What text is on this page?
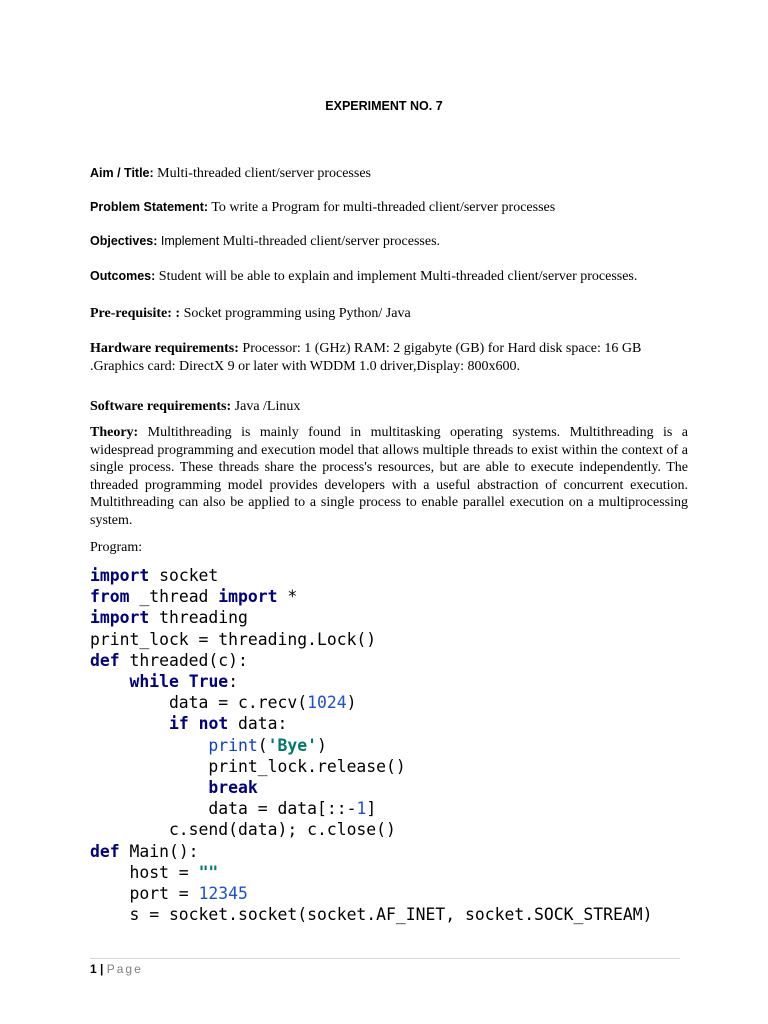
EXPERIMENT NO. 7
Aim / Title: Multi-threaded client/server processes
Problem Statement: To write a Program for multi-threaded client/server processes
Objectives: Implement Multi-threaded client/server processes.
Outcomes: Student will be able to explain and implement Multi-threaded client/server processes.
Pre-requisite: : Socket programming using Python/ Java
Hardware requirements: Processor: 1 (GHz) RAM: 2 gigabyte (GB) for Hard disk space: 16 GB .Graphics card: DirectX 9 or later with WDDM 1.0 driver,Display: 800x600.
Software requirements: Java /Linux
Theory: Multithreading is mainly found in multitasking operating systems. Multithreading is a widespread programming and execution model that allows multiple threads to exist within the context of a single process. These threads share the process's resources, but are able to execute independently. The threaded programming model provides developers with a useful abstraction of concurrent execution. Multithreading can also be applied to a single process to enable parallel execution on a multiprocessing system.
Program:
import socket
from _thread import *
import threading
print_lock = threading.Lock()
def threaded(c):
while True:
data = c.recv(1024)
if not data:
print('Bye')
print_lock.release()
break
data = data[::-1]
c.send(data); c.close()
def Main():
host = ""
port = 12345
s = socket.socket(socket.AF_INET, socket.SOCK_STREAM)
1 | Page
